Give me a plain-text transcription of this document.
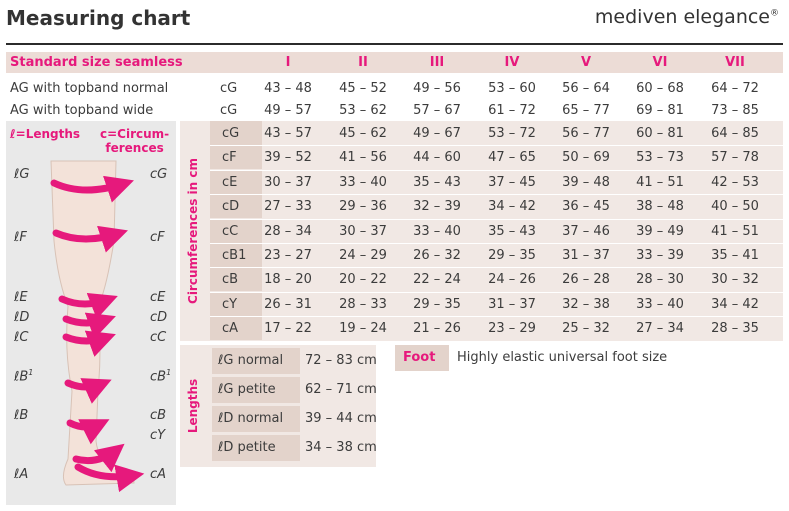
Measuring chart	mediven elegance®
Standard size seamless	I	II	III	IV	V	VI	VII
AG with topband normal	cG	43 – 48	45 – 52	49 – 56	53 – 60	56 – 64	60 – 68	64 – 72
AG with topband wide	cG	49 – 57	53 – 62	57 – 67	61 – 72	65 – 77	69 – 81	73 – 85
Circumferences in cm
cG	43 – 57	45 – 62	49 – 67	53 – 72	56 – 77	60 – 81	64 – 85
cF	39 – 52	41 – 56	44 – 60	47 – 65	50 – 69	53 – 73	57 – 78
cE	30 – 37	33 – 40	35 – 43	37 – 45	39 – 48	41 – 51	42 – 53
cD	27 – 33	29 – 36	32 – 39	34 – 42	36 – 45	38 – 48	40 – 50
cC	28 – 34	30 – 37	33 – 40	35 – 43	37 – 46	39 – 49	41 – 51
cB1	23 – 27	24 – 29	26 – 32	29 – 35	31 – 37	33 – 39	35 – 41
cB	18 – 20	20 – 22	22 – 24	24 – 26	26 – 28	28 – 30	30 – 32
cY	26 – 31	28 – 33	29 – 35	31 – 37	32 – 38	33 – 40	34 – 42
cA	17 – 22	19 – 24	21 – 26	23 – 29	25 – 32	27 – 34	28 – 35
Lengths
ℓG normal	72 – 83 cm
ℓG petite	62 – 71 cm
ℓD normal	39 – 44 cm
ℓD petite	34 – 38 cm
Foot	Highly elastic universal foot size
ℓ=Lengths c=Circum-
ferences
ℓG
ℓF
ℓE
ℓD
ℓC
ℓB$^1$
ℓB
ℓA
cG
cF
cE
cD
cC
$cB^1$
cB
cY
cA
